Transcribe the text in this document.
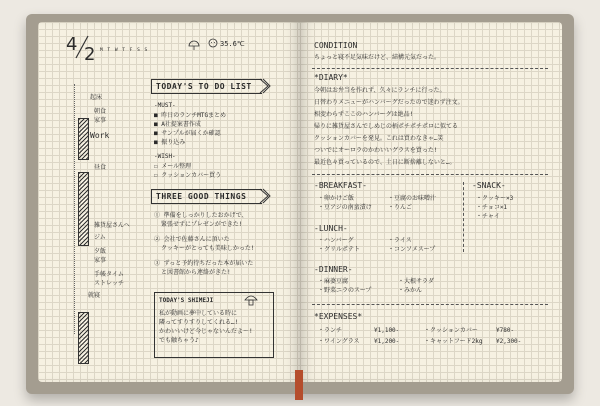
4 2 M T W T F S S
35.6℃
起床
朝食
家事
Work
昼食
雑貨屋さんへ
ジム
夕飯
家事
手帳タイム
ストレッチ
就寝
TODAY'S TO DO LIST
-MUST-
■ 昨日のランチMTGまとめ
■ A社提案書作成
■ サンプルが届くか確認
■ 振り込み
-WISH-
☐ メール整理
☐ クッションカバー買う
THREE GOOD THINGS
① 準備をしっかりしたおかげで、
緊張せずにプレゼンができた!
② 会社で佐藤さんに頂いた
クッキーがとっても美味しかった!
③ ずっと予約待ちだった本が届いた
と図書館から連絡がきた!
TODAY'S SHIMEJI
私が動画に夢中している時に
隣ってすりすりしてくれる…!
かわいいけど今じゃないんだよ〜!
でも触ちゃう♪
CONDITION
ちょっと寝不足気味だけど、結構元気だった。
*DIARY*
今朝はお弁当を作れず、久々にランチに行った。
日替わりメニューがハンバーグだったので迷わず注文。
相変わらずここのハンバーグは絶品!
帰りに雑貨屋さんでしめじの柄ポチポチポロに似てる
クッションカバーを発見。これは買わなきゃ…笑
ついでにオーロラのかわいいグラスを買った!
最近色々買っているので、土日に断捨離しないと…。
-BREAKFAST-
・卵かけご飯	・豆腐のお味噌汁
・豆アジの南蛮漬け	・りんご
-SNACK-
・クッキー×3
・チョコ×1
・チャイ
-LUNCH-
・ハンバーグ	・ライス
・グリルポテト	・コンソメスープ
-DINNER-
・麻婆豆腐	・大根サラダ
・野菜ニラのスープ	・みかん
*EXPENSES*
・ランチ	¥1,100-	・クッションカバー	¥780-
・ワイングラス ¥1,200-	・キャットフード2kg ¥2,300-
